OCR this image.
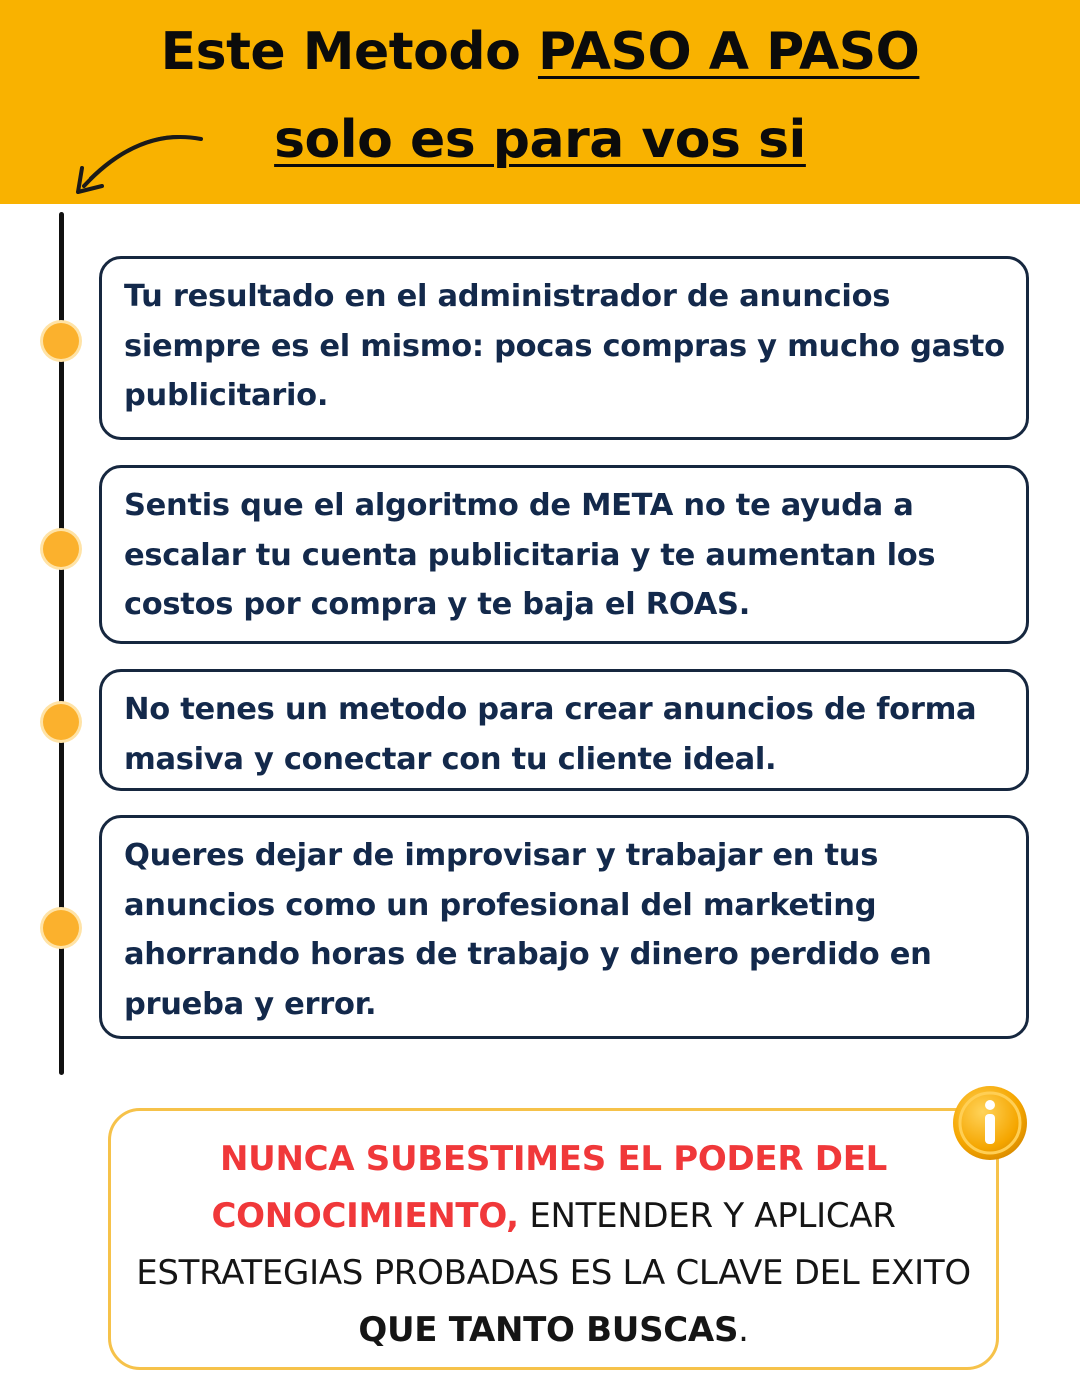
Este Metodo PASO A PASO
solo es para vos si
Tu resultado en el administrador de anuncios siempre es el mismo: pocas compras y mucho gasto publicitario.
Sentis que el algoritmo de META no te ayuda a escalar tu cuenta publicitaria y te aumentan los costos por compra y te baja el ROAS.
No tenes un metodo para crear anuncios de forma masiva y conectar con tu cliente ideal.
Queres dejar de improvisar y trabajar en tus anuncios como un profesional del marketing ahorrando horas de trabajo y dinero perdido en prueba y error.
NUNCA SUBESTIMES EL PODER DEL CONOCIMIENTO, ENTENDER Y APLICAR ESTRATEGIAS PROBADAS ES LA CLAVE DEL EXITO QUE TANTO BUSCAS.
